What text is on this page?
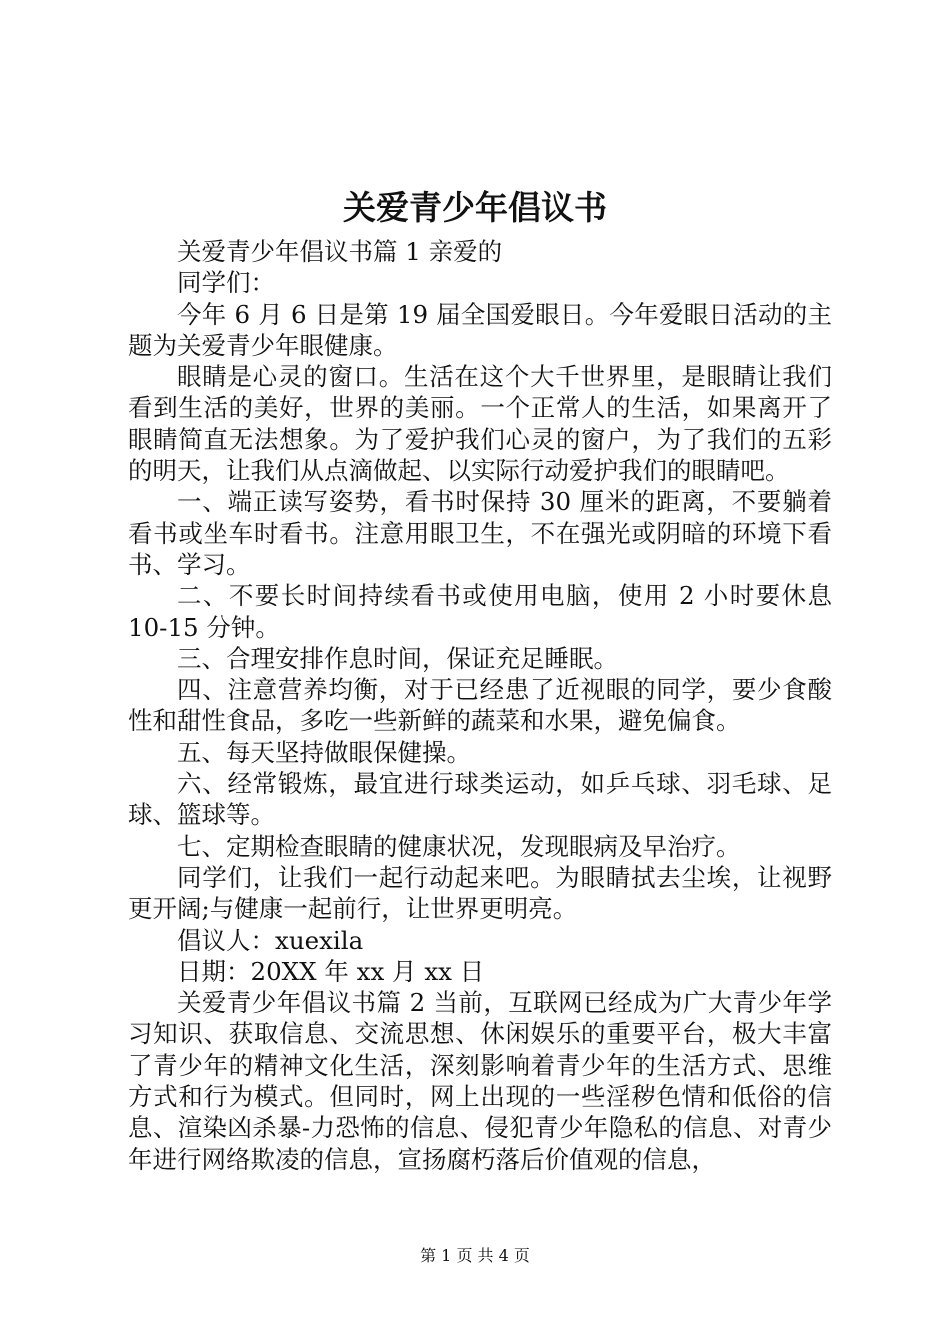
关爱青少年倡议书

关爱青少年倡议书篇 1 亲爱的

同学们：

今年 6 月 6 日是第 19 届全国爱眼日。今年爱眼日活动的主题为关爱青少年眼健康。

眼睛是心灵的窗口。生活在这个大千世界里，是眼睛让我们看到生活的美好，世界的美丽。一个正常人的生活，如果离开了眼睛简直无法想象。为了爱护我们心灵的窗户，为了我们的五彩的明天，让我们从点滴做起、以实际行动爱护我们的眼睛吧。

一、端正读写姿势，看书时保持 30 厘米的距离，不要躺着看书或坐车时看书。注意用眼卫生，不在强光或阴暗的环境下看书、学习。

二、不要长时间持续看书或使用电脑，使用 2 小时要休息 10-15 分钟。

三、合理安排作息时间，保证充足睡眠。

四、注意营养均衡，对于已经患了近视眼的同学，要少食酸性和甜性食品，多吃一些新鲜的蔬菜和水果，避免偏食。

五、每天坚持做眼保健操。

六、经常锻炼，最宜进行球类运动，如乒乓球、羽毛球、足球、篮球等。

七、定期检查眼睛的健康状况，发现眼病及早治疗。

同学们，让我们一起行动起来吧。为眼睛拭去尘埃，让视野更开阔;与健康一起前行，让世界更明亮。

倡议人：xuexila

日期：20XX 年 xx 月 xx 日

关爱青少年倡议书篇 2 当前，互联网已经成为广大青少年学习知识、获取信息、交流思想、休闲娱乐的重要平台，极大丰富了青少年的精神文化生活，深刻影响着青少年的生活方式、思维方式和行为模式。但同时，网上出现的一些淫秽色情和低俗的信息、渲染凶杀暴-力恐怖的信息、侵犯青少年隐私的信息、对青少年进行网络欺凌的信息，宣扬腐朽落后价值观的信息，

第 1 页 共 4 页
